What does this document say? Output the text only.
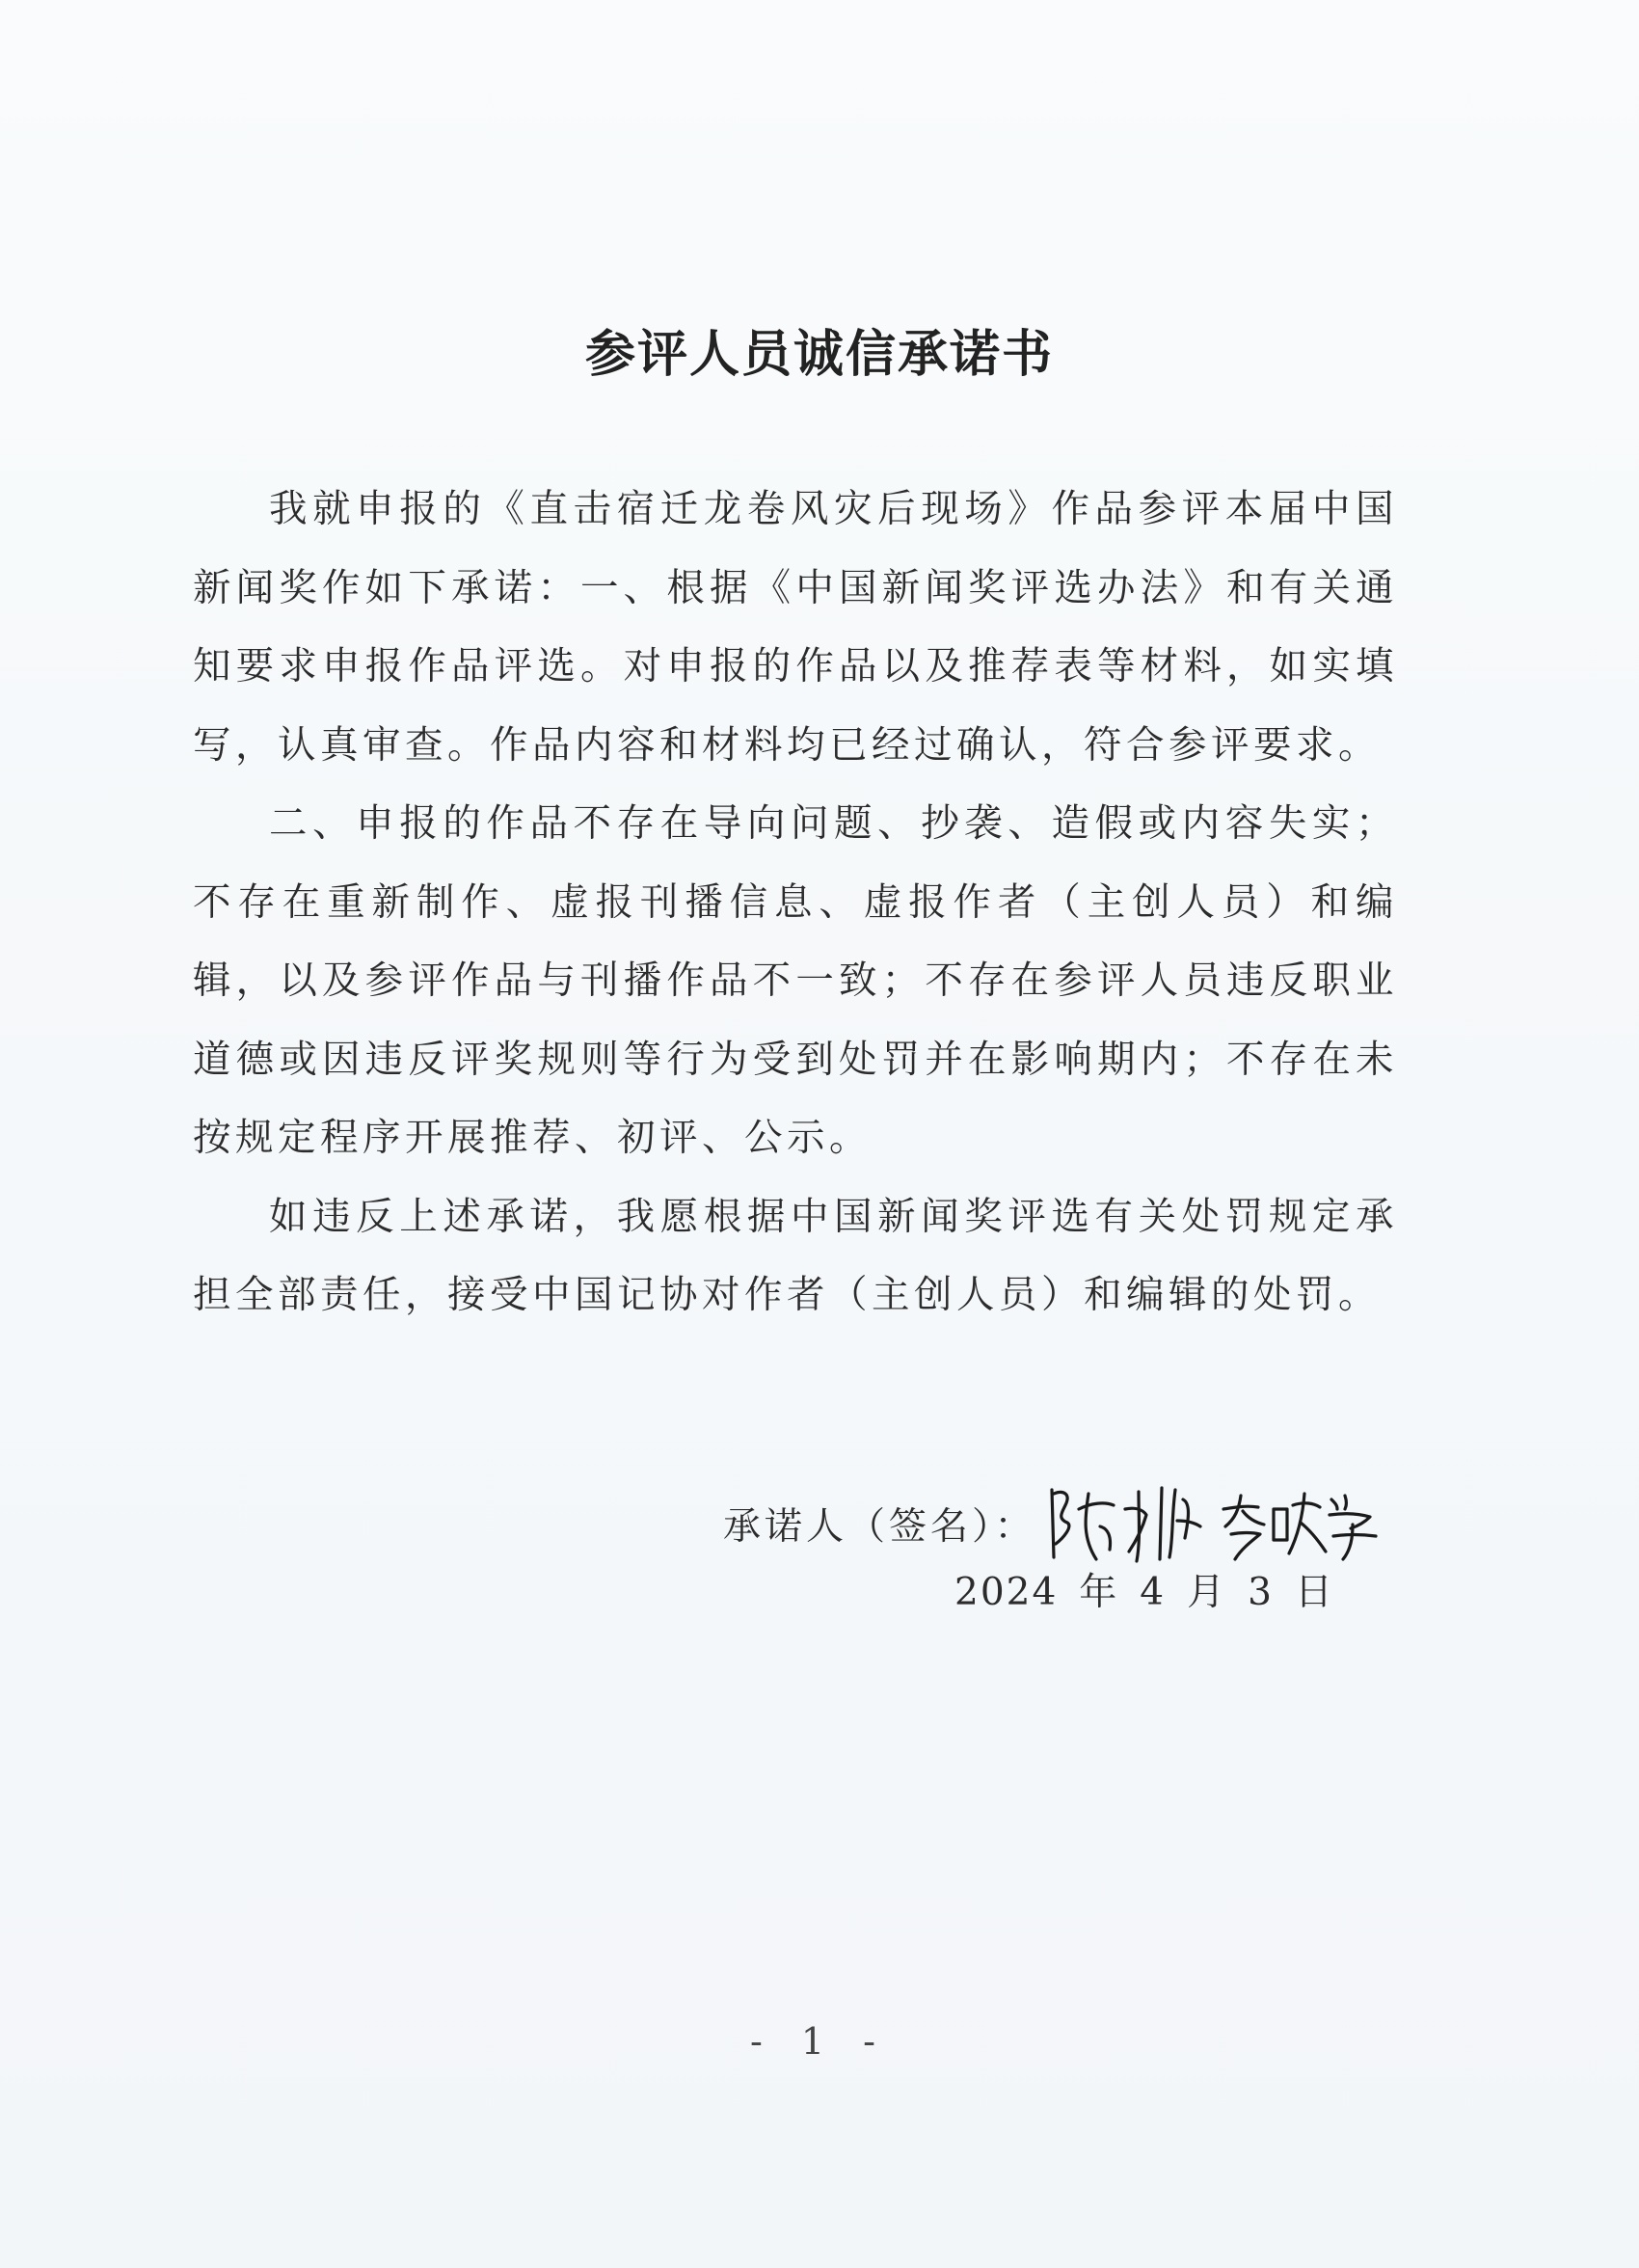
参评人员诚信承诺书

我就申报的《直击宿迁龙卷风灾后现场》作品参评本届中国新闻奖作如下承诺：一、根据《中国新闻奖评选办法》和有关通知要求申报作品评选。对申报的作品以及推荐表等材料，如实填写，认真审查。作品内容和材料均已经过确认，符合参评要求。

二、申报的作品不存在导向问题、抄袭、造假或内容失实；不存在重新制作、虚报刊播信息、虚报作者（主创人员）和编辑，以及参评作品与刊播作品不一致；不存在参评人员违反职业道德或因违反评奖规则等行为受到处罚并在影响期内；不存在未按规定程序开展推荐、初评、公示。

如违反上述承诺，我愿根据中国新闻奖评选有关处罚规定承担全部责任，接受中国记协对作者（主创人员）和编辑的处罚。

承诺人（签名）：
2024 年 4 月 3 日
- 1 -
